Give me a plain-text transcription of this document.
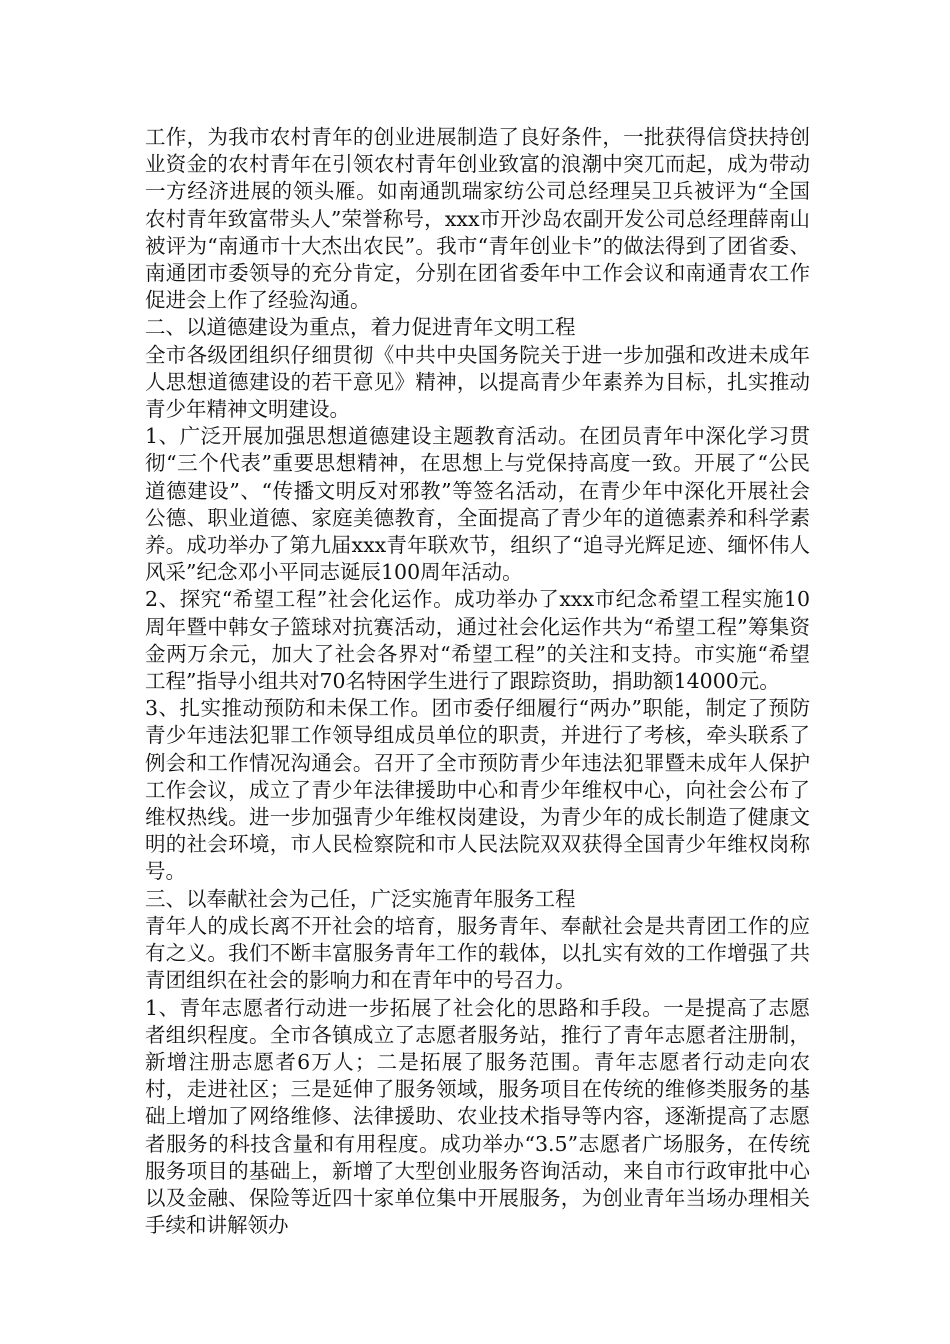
工作，为我市农村青年的创业进展制造了良好条件，一批获得信贷扶持创业资金的农村青年在引领农村青年创业致富的浪潮中突兀而起，成为带动一方经济进展的领头雁。如南通凯瑞家纺公司总经理吴卫兵被评为“全国农村青年致富带头人”荣誉称号，xxx市开沙岛农副开发公司总经理薛南山被评为“南通市十大杰出农民”。我市“青年创业卡”的做法得到了团省委、南通团市委领导的充分肯定，分别在团省委年中工作会议和南通青农工作促进会上作了经验沟通。

二、以道德建设为重点，着力促进青年文明工程

全市各级团组织仔细贯彻《中共中央国务院关于进一步加强和改进未成年人思想道德建设的若干意见》精神，以提高青少年素养为目标，扎实推动青少年精神文明建设。

1、广泛开展加强思想道德建设主题教育活动。在团员青年中深化学习贯彻“三个代表”重要思想精神，在思想上与党保持高度一致。开展了“公民道德建设”、“传播文明反对邪教”等签名活动，在青少年中深化开展社会公德、职业道德、家庭美德教育，全面提高了青少年的道德素养和科学素养。成功举办了第九届xxx青年联欢节，组织了“追寻光辉足迹、缅怀伟人风采”纪念邓小平同志诞辰100周年活动。

2、探究“希望工程”社会化运作。成功举办了xxx市纪念希望工程实施10周年暨中韩女子篮球对抗赛活动，通过社会化运作共为“希望工程”筹集资金两万余元，加大了社会各界对“希望工程”的关注和支持。市实施“希望工程”指导小组共对70名特困学生进行了跟踪资助，捐助额14000元。

3、扎实推动预防和未保工作。团市委仔细履行“两办”职能，制定了预防青少年违法犯罪工作领导组成员单位的职责，并进行了考核，牵头联系了例会和工作情况沟通会。召开了全市预防青少年违法犯罪暨未成年人保护工作会议，成立了青少年法律援助中心和青少年维权中心，向社会公布了维权热线。进一步加强青少年维权岗建设，为青少年的成长制造了健康文明的社会环境，市人民检察院和市人民法院双双获得全国青少年维权岗称号。

三、以奉献社会为己任，广泛实施青年服务工程

青年人的成长离不开社会的培育，服务青年、奉献社会是共青团工作的应有之义。我们不断丰富服务青年工作的载体，以扎实有效的工作增强了共青团组织在社会的影响力和在青年中的号召力。

1、青年志愿者行动进一步拓展了社会化的思路和手段。一是提高了志愿者组织程度。全市各镇成立了志愿者服务站，推行了青年志愿者注册制，新增注册志愿者6万人；二是拓展了服务范围。青年志愿者行动走向农村，走进社区；三是延伸了服务领域，服务项目在传统的维修类服务的基础上增加了网络维修、法律援助、农业技术指导等内容，逐渐提高了志愿者服务的科技含量和有用程度。成功举办“3.5”志愿者广场服务，在传统服务项目的基础上，新增了大型创业服务咨询活动，来自市行政审批中心以及金融、保险等近四十家单位集中开展服务，为创业青年当场办理相关手续和讲解领办
